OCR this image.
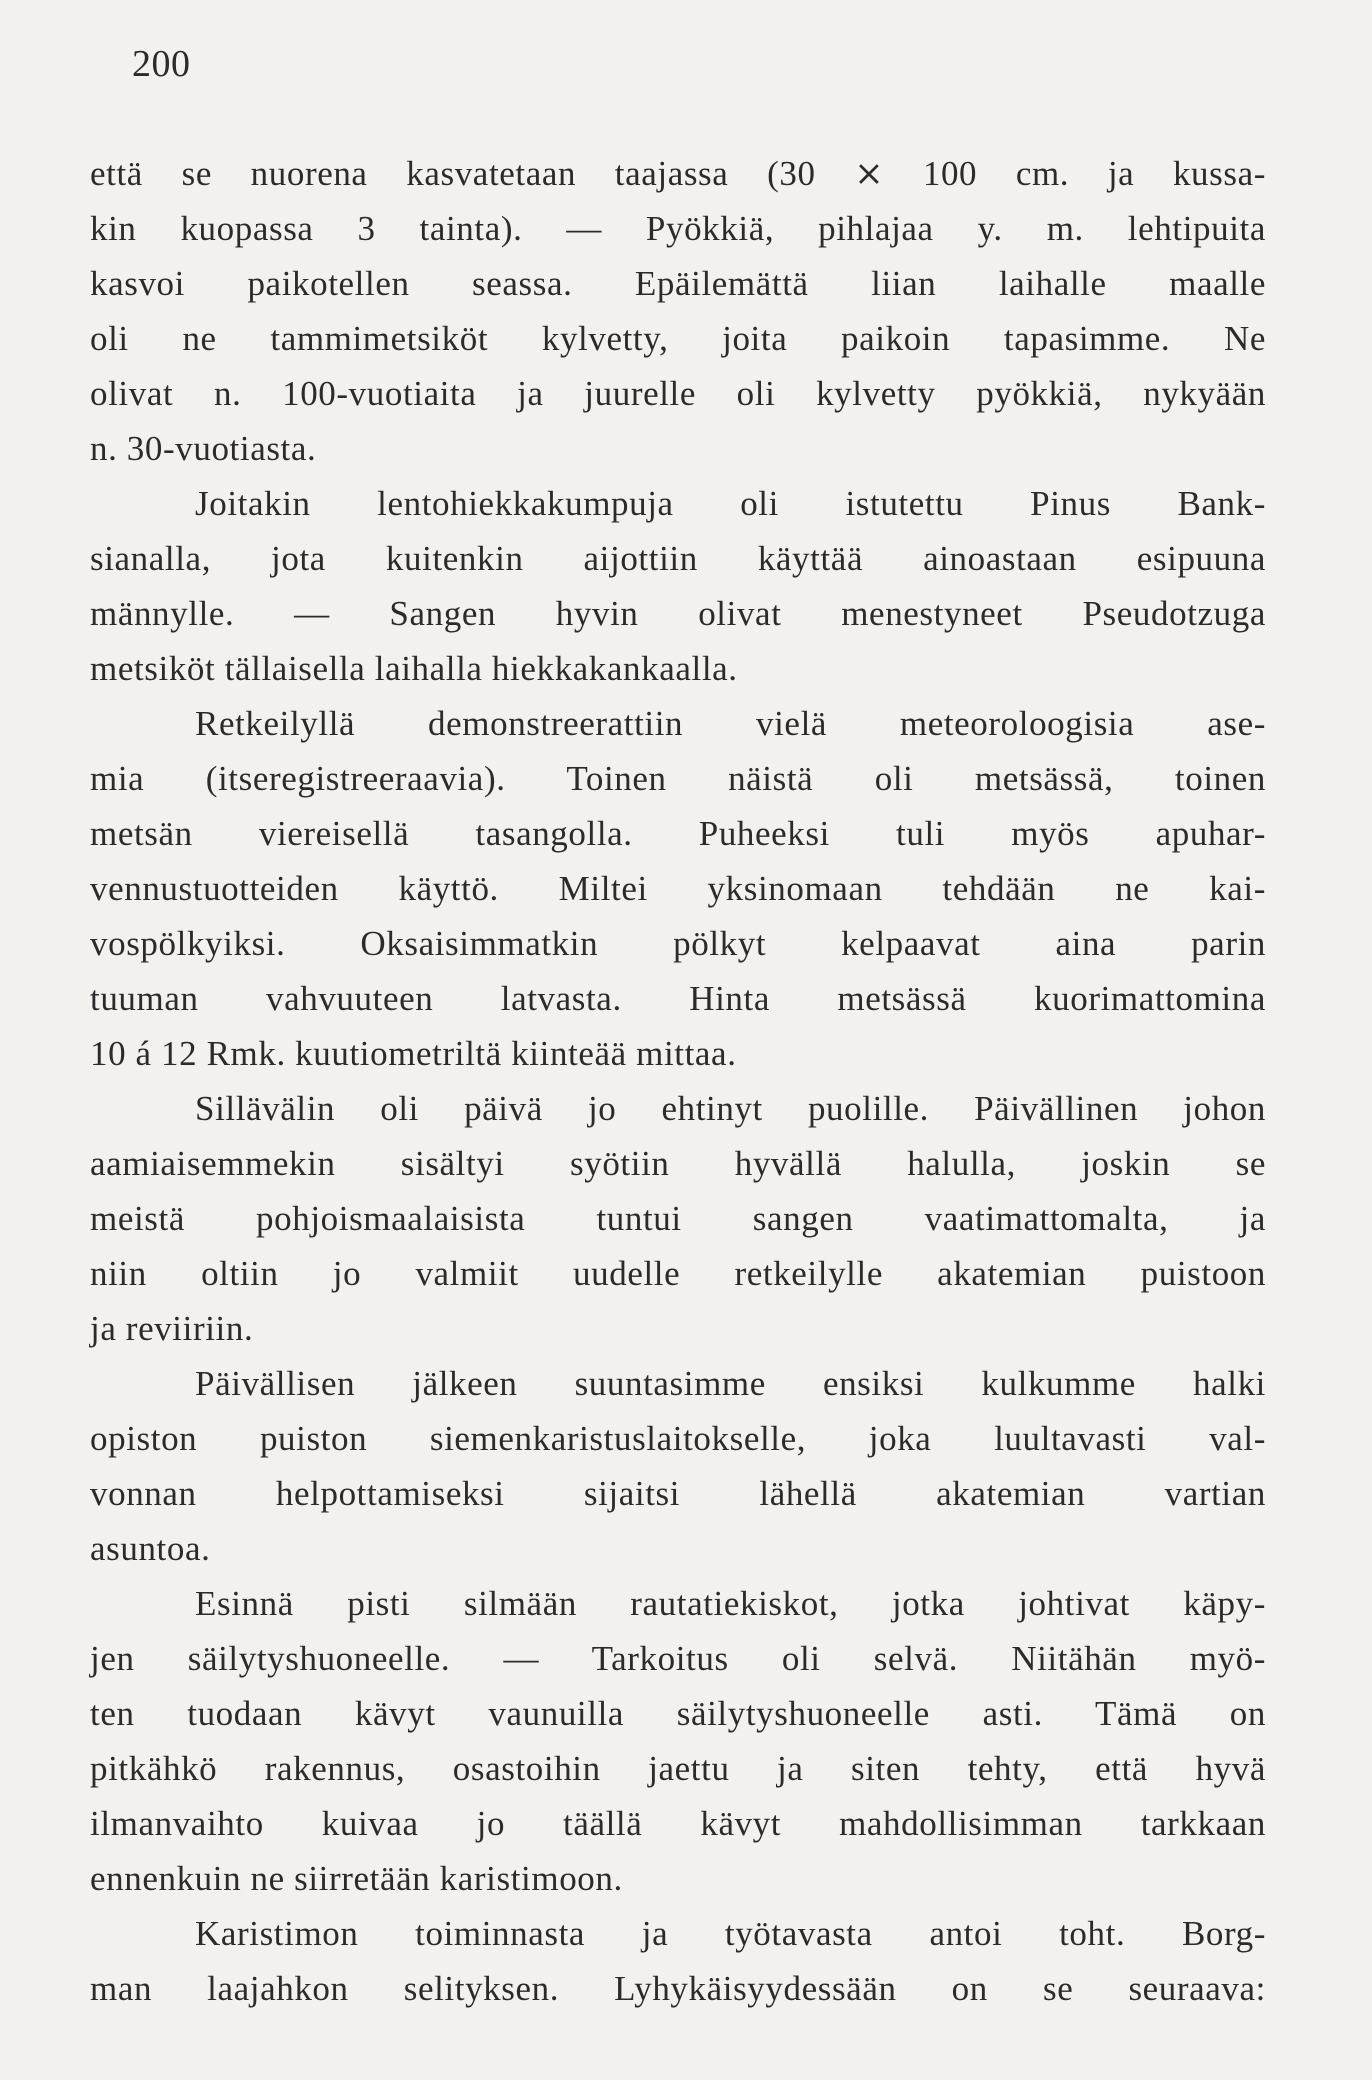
200
että se nuorena kasvatetaan taajassa (30 ⨯ 100 cm. ja kussa-
kin kuopassa 3 tainta). — Pyökkiä, pihlajaa y. m. lehtipuita
kasvoi paikotellen seassa. Epäilemättä liian laihalle maalle
oli ne tammimetsiköt kylvetty, joita paikoin tapasimme. Ne
olivat n. 100-vuotiaita ja juurelle oli kylvetty pyökkiä, nykyään
n. 30-vuotiasta.
Joitakin lentohiekkakumpuja oli istutettu Pinus Bank-
sianalla, jota kuitenkin aijottiin käyttää ainoastaan esipuuna
männylle. — Sangen hyvin olivat menestyneet Pseudotzuga
metsiköt tällaisella laihalla hiekkakankaalla.
Retkeilyllä demonstreerattiin vielä meteoroloogisia ase-
mia (itseregistreeraavia). Toinen näistä oli metsässä, toinen
metsän viereisellä tasangolla. Puheeksi tuli myös apuhar-
vennustuotteiden käyttö. Miltei yksinomaan tehdään ne kai-
vospölkyiksi. Oksaisimmatkin pölkyt kelpaavat aina parin
tuuman vahvuuteen latvasta. Hinta metsässä kuorimattomina
10 á 12 Rmk. kuutiometriltä kiinteää mittaa.
Sillävälin oli päivä jo ehtinyt puolille. Päivällinen johon
aamiaisemmekin sisältyi syötiin hyvällä halulla, joskin se
meistä pohjoismaalaisista tuntui sangen vaatimattomalta, ja
niin oltiin jo valmiit uudelle retkeilylle akatemian puistoon
ja reviiriin.
Päivällisen jälkeen suuntasimme ensiksi kulkumme halki
opiston puiston siemenkaristuslaitokselle, joka luultavasti val-
vonnan helpottamiseksi sijaitsi lähellä akatemian vartian
asuntoa.
Esinnä pisti silmään rautatiekiskot, jotka johtivat käpy-
jen säilytyshuoneelle. — Tarkoitus oli selvä. Niitähän myö-
ten tuodaan kävyt vaunuilla säilytyshuoneelle asti. Tämä on
pitkähkö rakennus, osastoihin jaettu ja siten tehty, että hyvä
ilmanvaihto kuivaa jo täällä kävyt mahdollisimman tarkkaan
ennenkuin ne siirretään karistimoon.
Karistimon toiminnasta ja työtavasta antoi toht. Borg-
man laajahkon selityksen. Lyhykäisyydessään on se seuraava:
